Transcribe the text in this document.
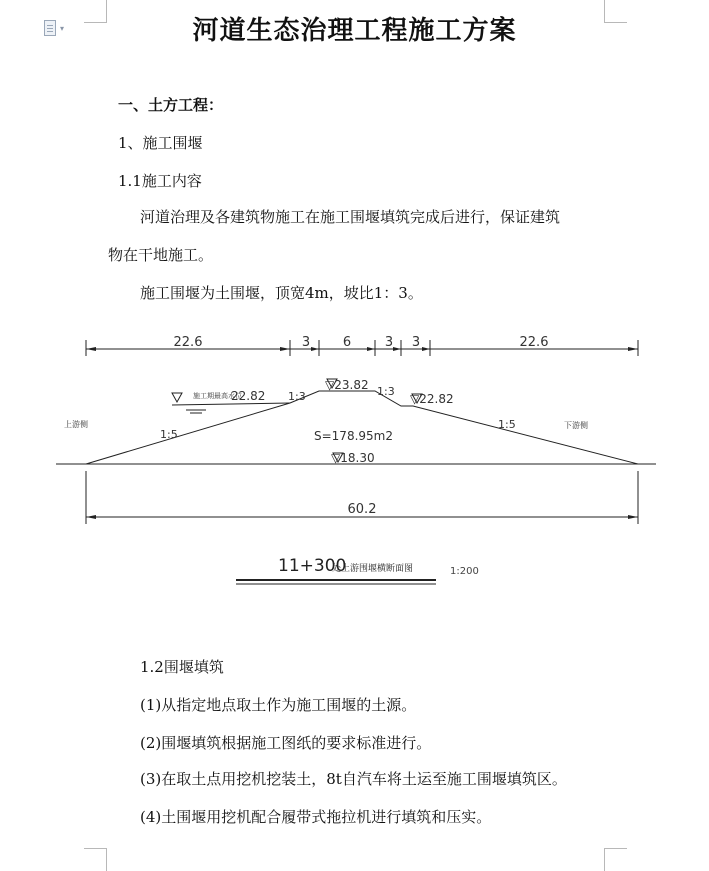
▾	河道生态治理工程施工方案
一、土方工程：
1、施工围堰
1.1施工内容
河道治理及各建筑物施工在施工围堰填筑完成后进行，保证建筑
物在干地施工。
施工围堰为土围堰，顶宽4m，坡比1：3。
22.6	3	6	3 3	22.6
施工期最高水位
22.82
▽23.82
▽22.82
▽18.30
1:3	1:3
1:5
1:5
S=178.95m2
上游侧	下游侧
60.2
11+300
处上游围堰横断面图	1:200
1.2围堰填筑
(1)从指定地点取土作为施工围堰的土源。
(2)围堰填筑根据施工图纸的要求标准进行。
(3)在取土点用挖机挖装土，8t自汽车将土运至施工围堰填筑区。
(4)土围堰用挖机配合履带式拖拉机进行填筑和压实。
